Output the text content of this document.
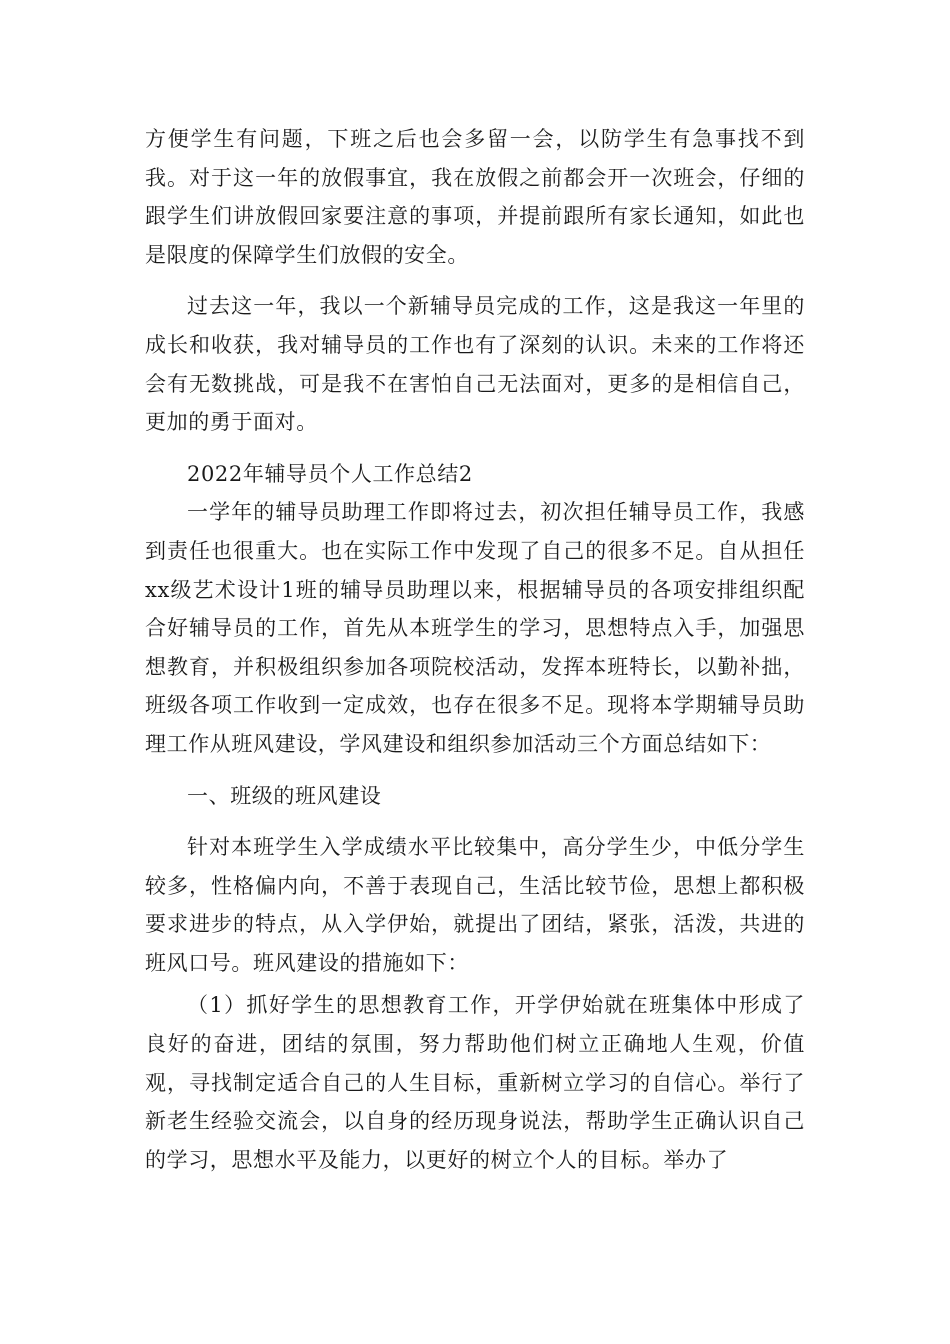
方便学生有问题，下班之后也会多留一会，以防学生有急事找不到我。对于这一年的放假事宜，我在放假之前都会开一次班会，仔细的跟学生们讲放假回家要注意的事项，并提前跟所有家长通知，如此也是限度的保障学生们放假的安全。

过去这一年，我以一个新辅导员完成的工作，这是我这一年里的成长和收获，我对辅导员的工作也有了深刻的认识。未来的工作将还会有无数挑战，可是我不在害怕自己无法面对，更多的是相信自己，更加的勇于面对。

2022年辅导员个人工作总结2

一学年的辅导员助理工作即将过去，初次担任辅导员工作，我感到责任也很重大。也在实际工作中发现了自己的很多不足。自从担任xx级艺术设计1班的辅导员助理以来，根据辅导员的各项安排组织配合好辅导员的工作，首先从本班学生的学习，思想特点入手，加强思想教育，并积极组织参加各项院校活动，发挥本班特长，以勤补拙，班级各项工作收到一定成效，也存在很多不足。现将本学期辅导员助理工作从班风建设，学风建设和组织参加活动三个方面总结如下：

一、班级的班风建设

针对本班学生入学成绩水平比较集中，高分学生少，中低分学生较多，性格偏内向，不善于表现自己，生活比较节俭，思想上都积极要求进步的特点，从入学伊始，就提出了团结，紧张，活泼，共进的班风口号。班风建设的措施如下：

（1）抓好学生的思想教育工作，开学伊始就在班集体中形成了良好的奋进，团结的氛围，努力帮助他们树立正确地人生观，价值观，寻找制定适合自己的人生目标，重新树立学习的自信心。举行了新老生经验交流会，以自身的经历现身说法，帮助学生正确认识自己的学习，思想水平及能力，以更好的树立个人的目标。举办了
